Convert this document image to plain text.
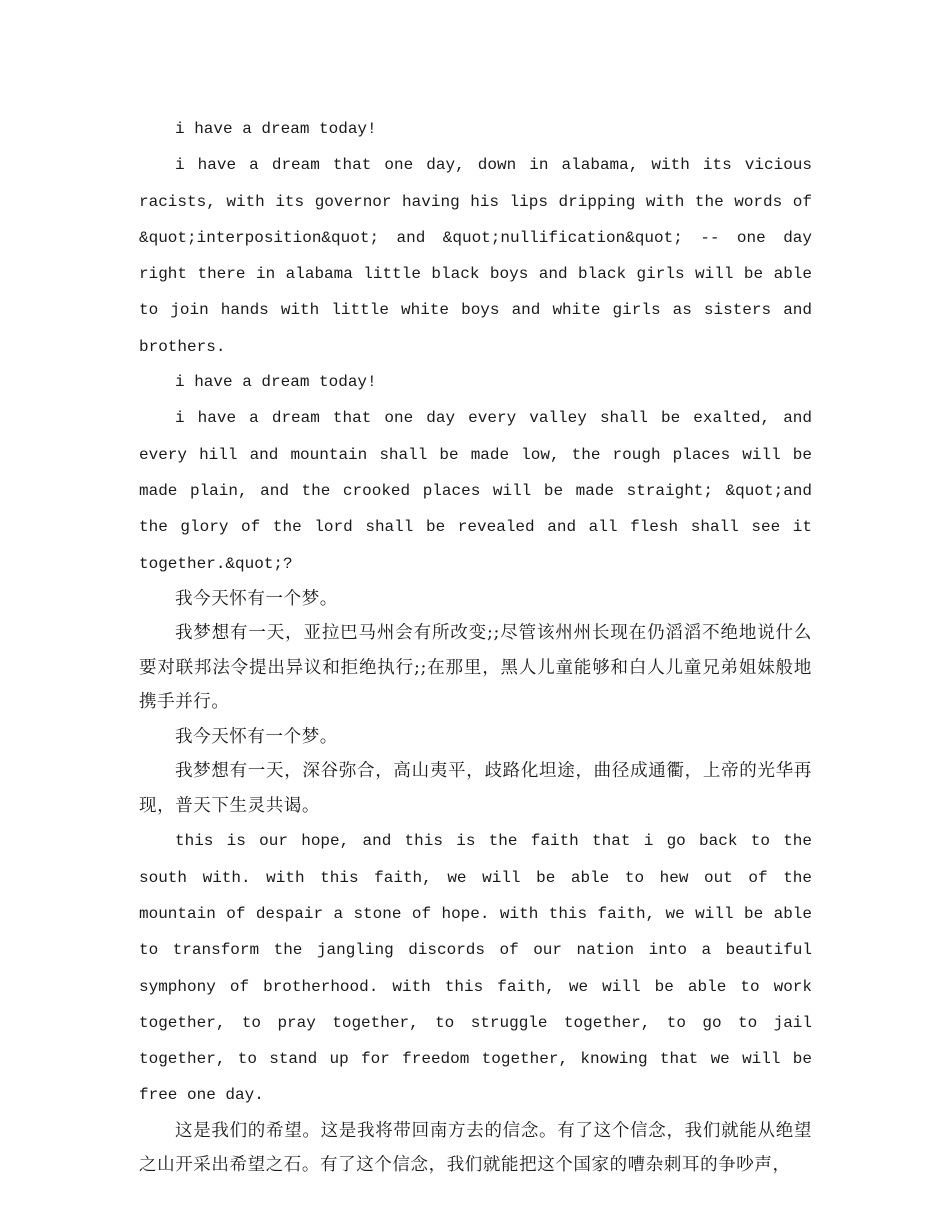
i have a dream today!

i have a dream that one day, down in alabama, with its vicious racists, with its governor having his lips dripping with the words of &quot;interposition&quot; and &quot;nullification&quot; -- one day right there in alabama little black boys and black girls will be able to join hands with little white boys and white girls as sisters and brothers.

i have a dream today!

i have a dream that one day every valley shall be exalted, and every hill and mountain shall be made low, the rough places will be made plain, and the crooked places will be made straight; &quot;and the glory of the lord shall be revealed and all flesh shall see it together.&quot;?

我今天怀有一个梦。

我梦想有一天，亚拉巴马州会有所改变;;尽管该州州长现在仍滔滔不绝地说什么要对联邦法令提出异议和拒绝执行;;在那里，黑人儿童能够和白人儿童兄弟姐妹般地携手并行。

我今天怀有一个梦。

我梦想有一天，深谷弥合，高山夷平，歧路化坦途，曲径成通衢，上帝的光华再现，普天下生灵共谒。

this is our hope, and this is the faith that i go back to the south with. with this faith, we will be able to hew out of the mountain of despair a stone of hope. with this faith, we will be able to transform the jangling discords of our nation into a beautiful symphony of brotherhood. with this faith, we will be able to work together, to pray together, to struggle together, to go to jail together, to stand up for freedom together, knowing that we will be free one day.

这是我们的希望。这是我将带回南方去的信念。有了这个信念，我们就能从绝望之山开采出希望之石。有了这个信念，我们就能把这个国家的嘈杂刺耳的争吵声，
